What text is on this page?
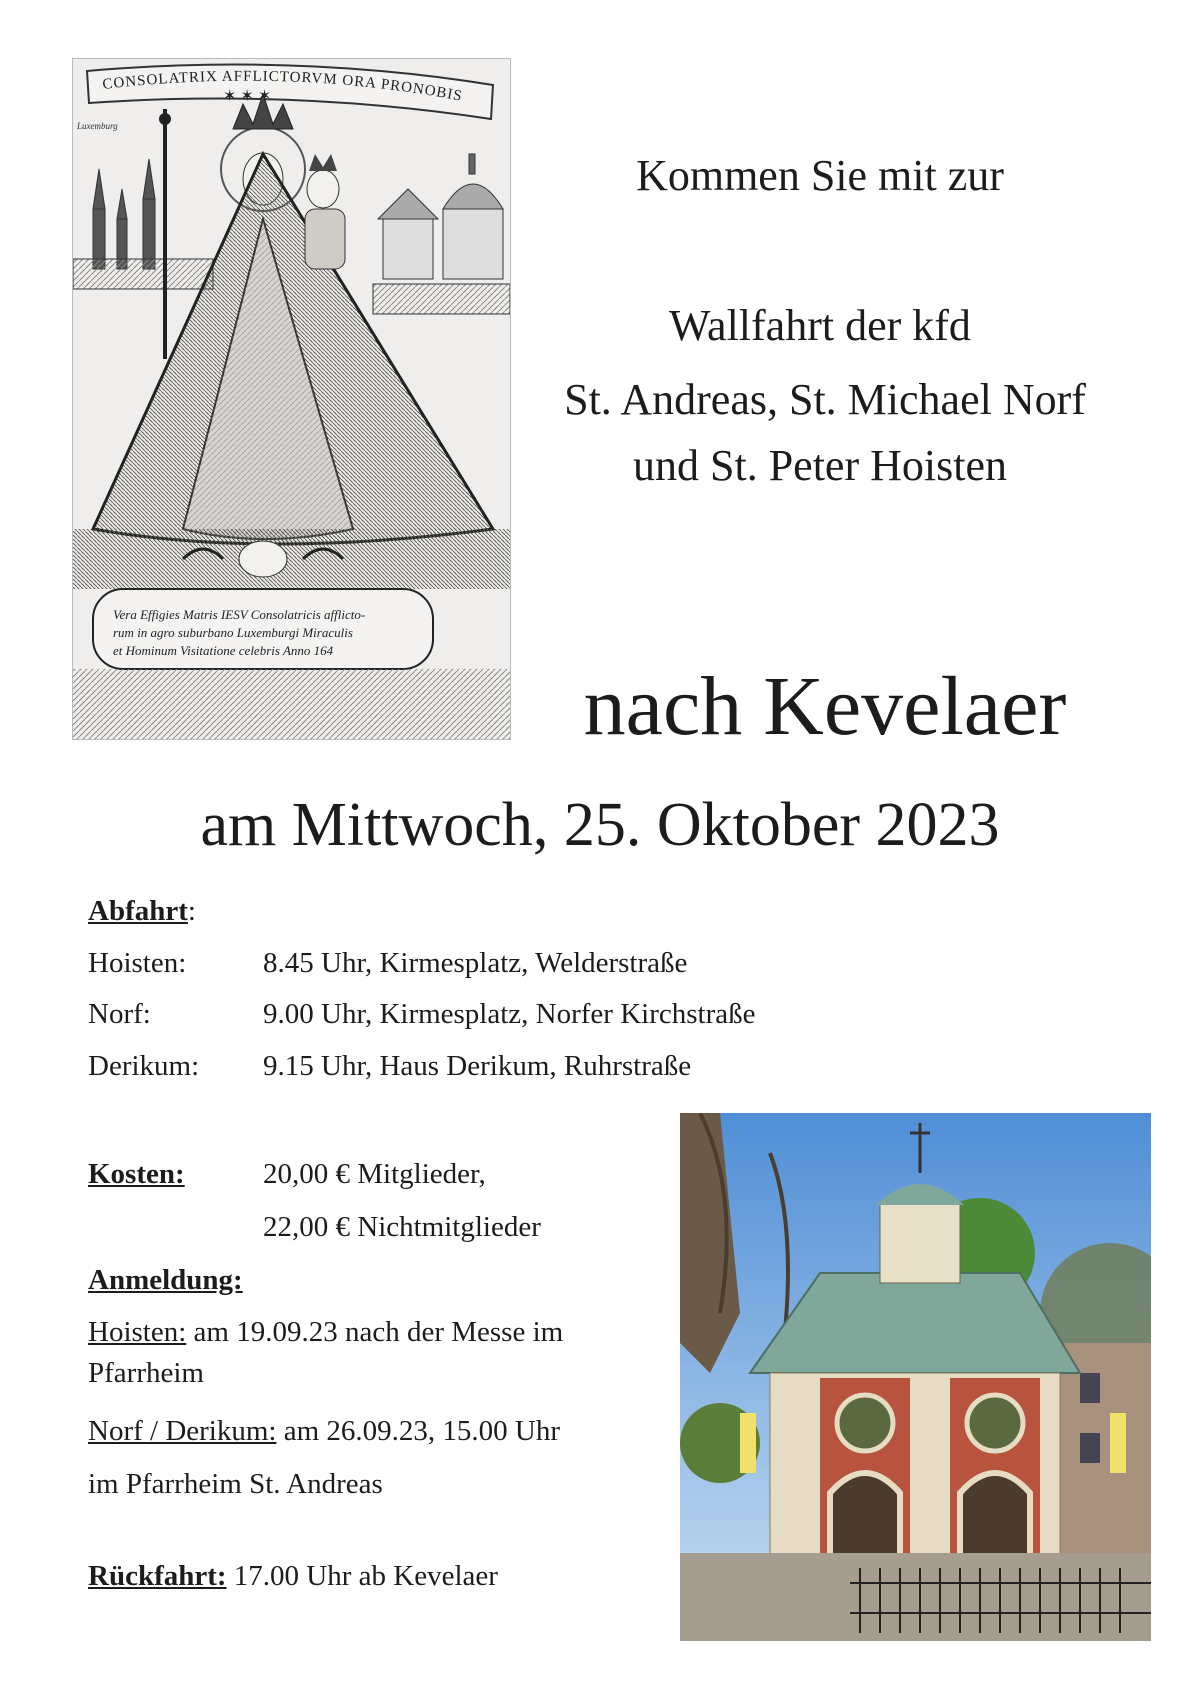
CONSOLATRIX AFFLICTORVM ORA PRONOBIS
Luxemburg
✶ ✶ ✶
Vera Effigies Matris IESV Consolatricis afflicto-
rum in agro suburbano Luxemburgi Miraculis
et Hominum Visitatione celebris Anno 164
Kommen Sie mit zur
Wallfahrt der kfd
St. Andreas, St. Michael Norf
und St. Peter Hoisten
nach Kevelaer
am Mittwoch, 25. Oktober 2023
Abfahrt:
Hoisten:	8.45 Uhr, Kirmesplatz, Welderstraße
Norf:	9.00 Uhr, Kirmesplatz, Norfer Kirchstraße
Derikum: 9.15 Uhr, Haus Derikum, Ruhrstraße
Kosten:	20,00 € Mitglieder,
22,00 € Nichtmitglieder
Anmeldung:
Hoisten: am 19.09.23 nach der Messe im
Pfarrheim
Norf / Derikum: am 26.09.23, 15.00 Uhr
im Pfarrheim St. Andreas
Rückfahrt: 17.00 Uhr ab Kevelaer
